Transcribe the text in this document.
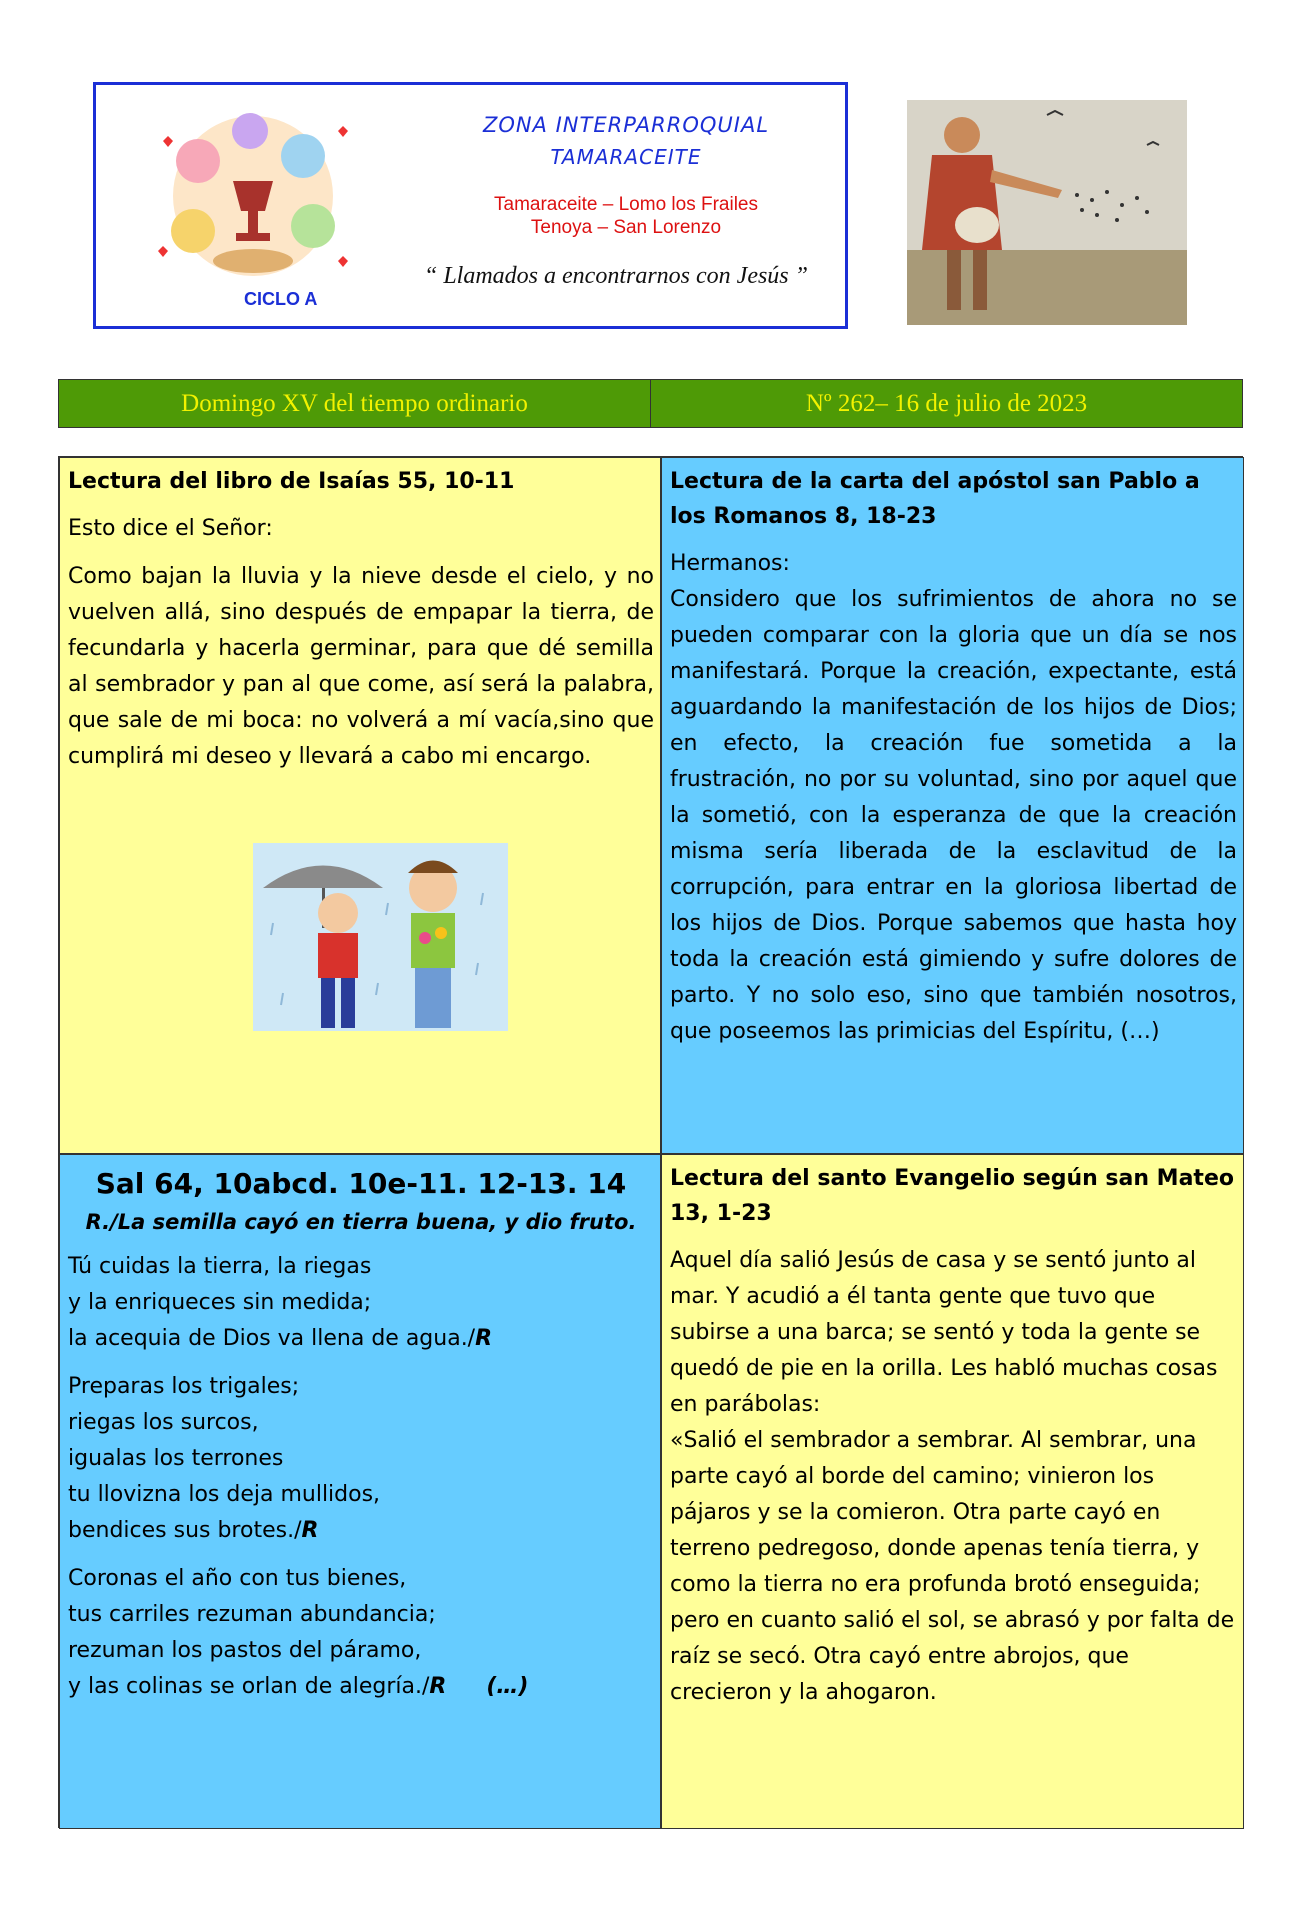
ZONA INTERPARROQUIAL
TAMARACEITE
Tamaraceite – Lomo los Frailes
Tenoya – San Lorenzo
“ Llamados a encontrarnos con Jesús ”
CICLO A
Domingo XV del tiempo ordinario	Nº 262– 16 de julio de 2023
Lectura del libro de Isaías 55, 10-11
Esto dice el Señor:
Como bajan la lluvia y la nieve desde el cielo, y no vuelven allá, sino después de empapar la tierra, de fecundarla y hacerla germinar, para que dé semilla al sembrador y pan al que come, así será la palabra, que sale de mi boca: no volverá a mí vacía,sino que cumplirá mi deseo y llevará a cabo mi encargo.
Lectura de la carta del apóstol san Pablo a los Romanos 8, 18-23
Hermanos:
Considero que los sufrimientos de ahora no se pueden comparar con la gloria que un día se nos manifestará. Porque la creación, expectante, está aguardando la manifestación de los hijos de Dios; en efecto, la creación fue sometida a la frustración, no por su voluntad, sino por aquel que la sometió, con la esperanza de que la creación misma sería liberada de la esclavitud de la corrupción, para entrar en la gloriosa libertad de los hijos de Dios. Porque sabemos que hasta hoy toda la creación está gimiendo y sufre dolores de parto. Y no solo eso, sino que también nosotros, que poseemos las primicias del Espíritu, (…)
Sal 64, 10abcd. 10e-11. 12-13. 14
R./La semilla cayó en tierra buena, y dio fruto.
Tú cuidas la tierra, la riegas
y la enriqueces sin medida;
la acequia de Dios va llena de agua./R
Preparas los trigales;
riegas los surcos,
igualas los terrones
tu llovizna los deja mullidos,
bendices sus brotes./R
Coronas el año con tus bienes,
tus carriles rezuman abundancia;
rezuman los pastos del páramo,
y las colinas se orlan de alegría./R (…)
Lectura del santo Evangelio según san Mateo 13, 1-23
Aquel día salió Jesús de casa y se sentó junto al mar. Y acudió a él tanta gente que tuvo que subirse a una barca; se sentó y toda la gente se quedó de pie en la orilla. Les habló muchas cosas en parábolas:
«Salió el sembrador a sembrar. Al sembrar, una parte cayó al borde del camino; vinieron los pájaros y se la comieron. Otra parte cayó en terreno pedregoso, donde apenas tenía tierra, y como la tierra no era profunda brotó enseguida; pero en cuanto salió el sol, se abrasó y por falta de raíz se secó. Otra cayó entre abrojos, que crecieron y la ahogaron.
